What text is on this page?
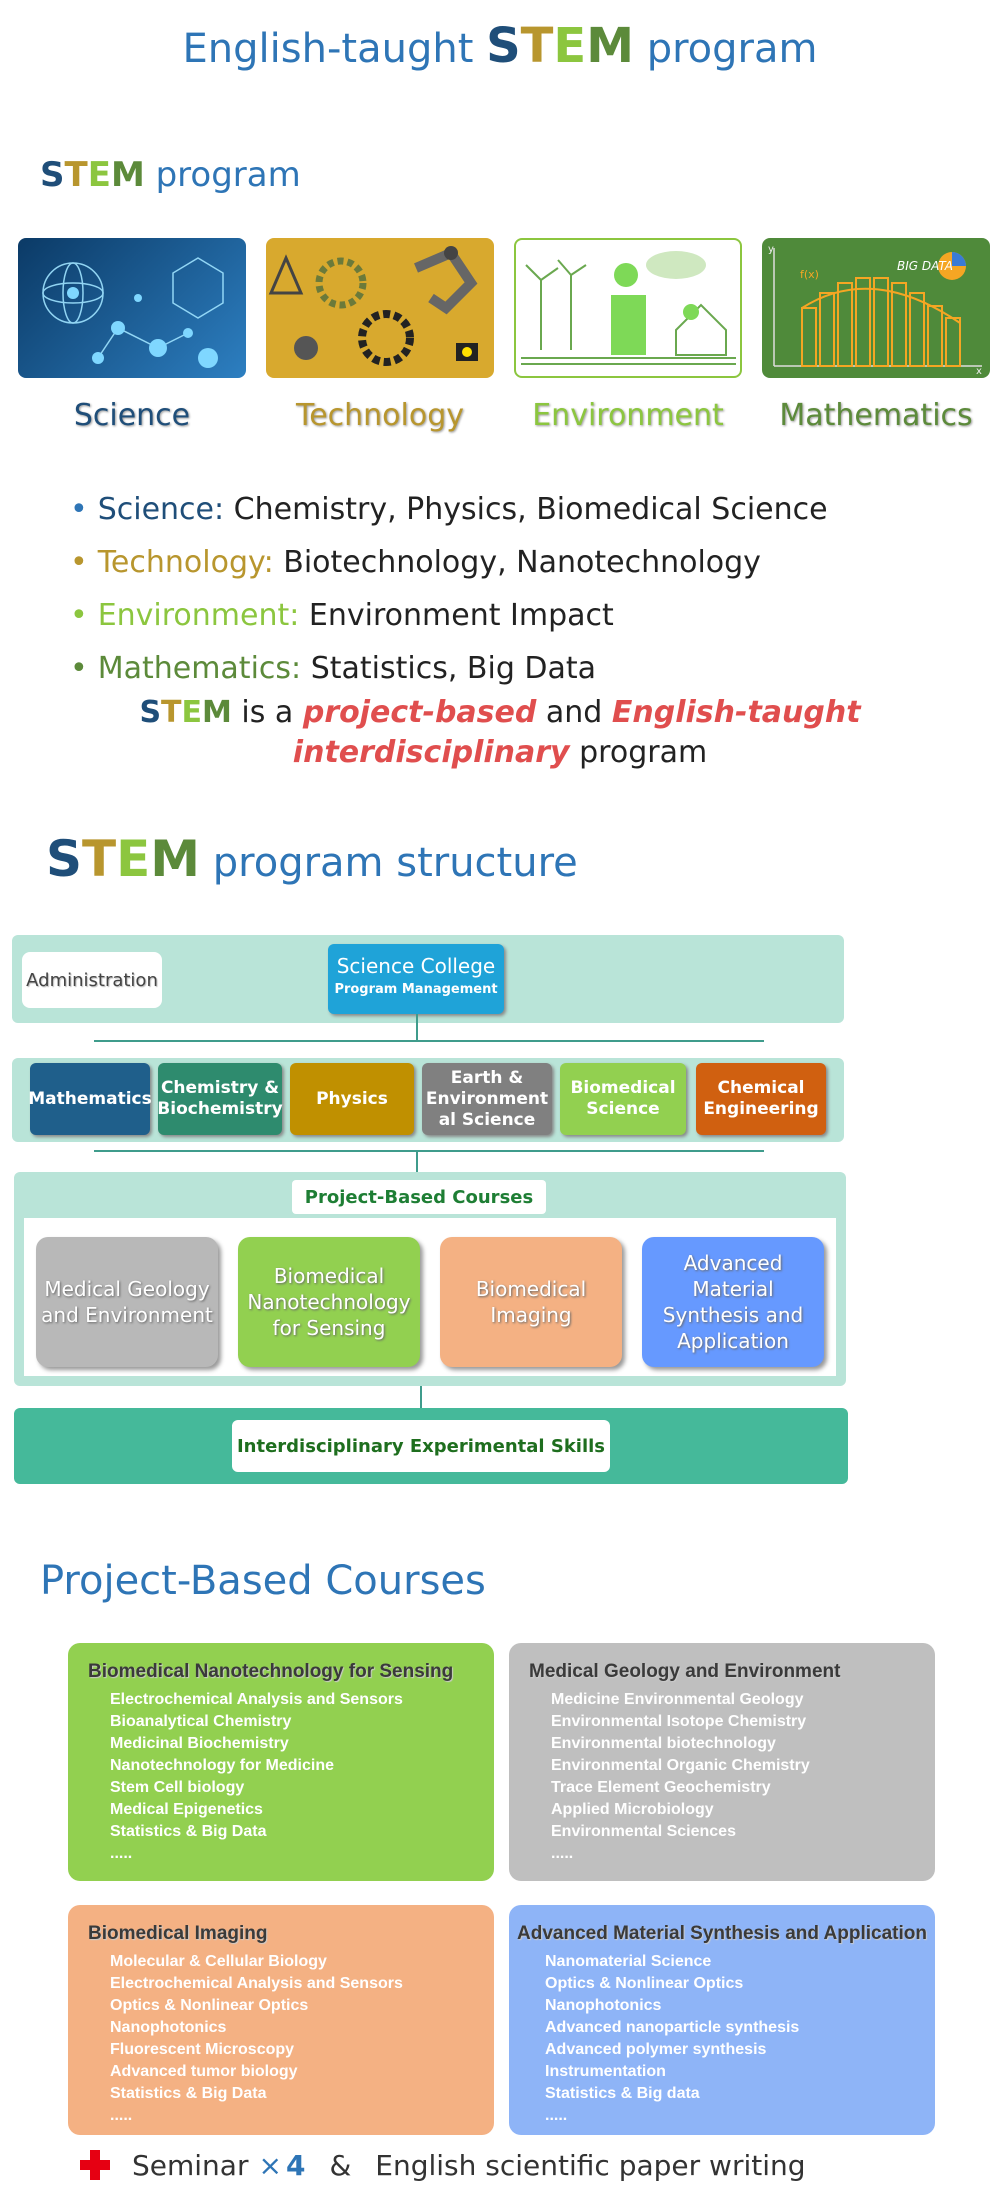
English-taught STEM program
STEM program
y
x
f(x)
BIG DATA
Science	Technology	Environment	Mathematics
• Science: Chemistry, Physics, Biomedical Science
• Technology: Biotechnology, Nanotechnology
• Environment: Environment Impact
• Mathematics: Statistics, Big Data
STEM is a project-based and English-taught
interdisciplinary program
STEM program structure
Administration
Science College
Program Management
Mathematics
Chemistry & Biochemistry
Physics
Earth & Environment al Science
Biomedical Science
Chemical Engineering
Project-Based Courses
Medical Geology and Environment
Biomedical Nanotechnology for Sensing
Biomedical Imaging
Advanced Material Synthesis and Application
Interdisciplinary Experimental Skills
Project-Based Courses
Biomedical Nanotechnology for Sensing
Electrochemical Analysis and Sensors
Bioanalytical Chemistry
Medicinal Biochemistry
Nanotechnology for Medicine
Stem Cell biology
Medical Epigenetics
Statistics & Big Data
.....
Medical Geology and Environment
Medicine Environmental Geology
Environmental Isotope Chemistry
Environmental biotechnology
Environmental Organic Chemistry
Trace Element Geochemistry
Applied Microbiology
Environmental Sciences
.....
Biomedical Imaging
Molecular & Cellular Biology
Electrochemical Analysis and Sensors
Optics & Nonlinear Optics
Nanophotonics
Fluorescent Microscopy
Advanced tumor biology
Statistics & Big Data
.....
Advanced Material Synthesis and Application
Nanomaterial Science
Optics & Nonlinear Optics
Nanophotonics
Advanced nanoparticle synthesis
Advanced polymer synthesis
Instrumentation
Statistics & Big data
.....
Seminar × 4 & English scientific paper writing
